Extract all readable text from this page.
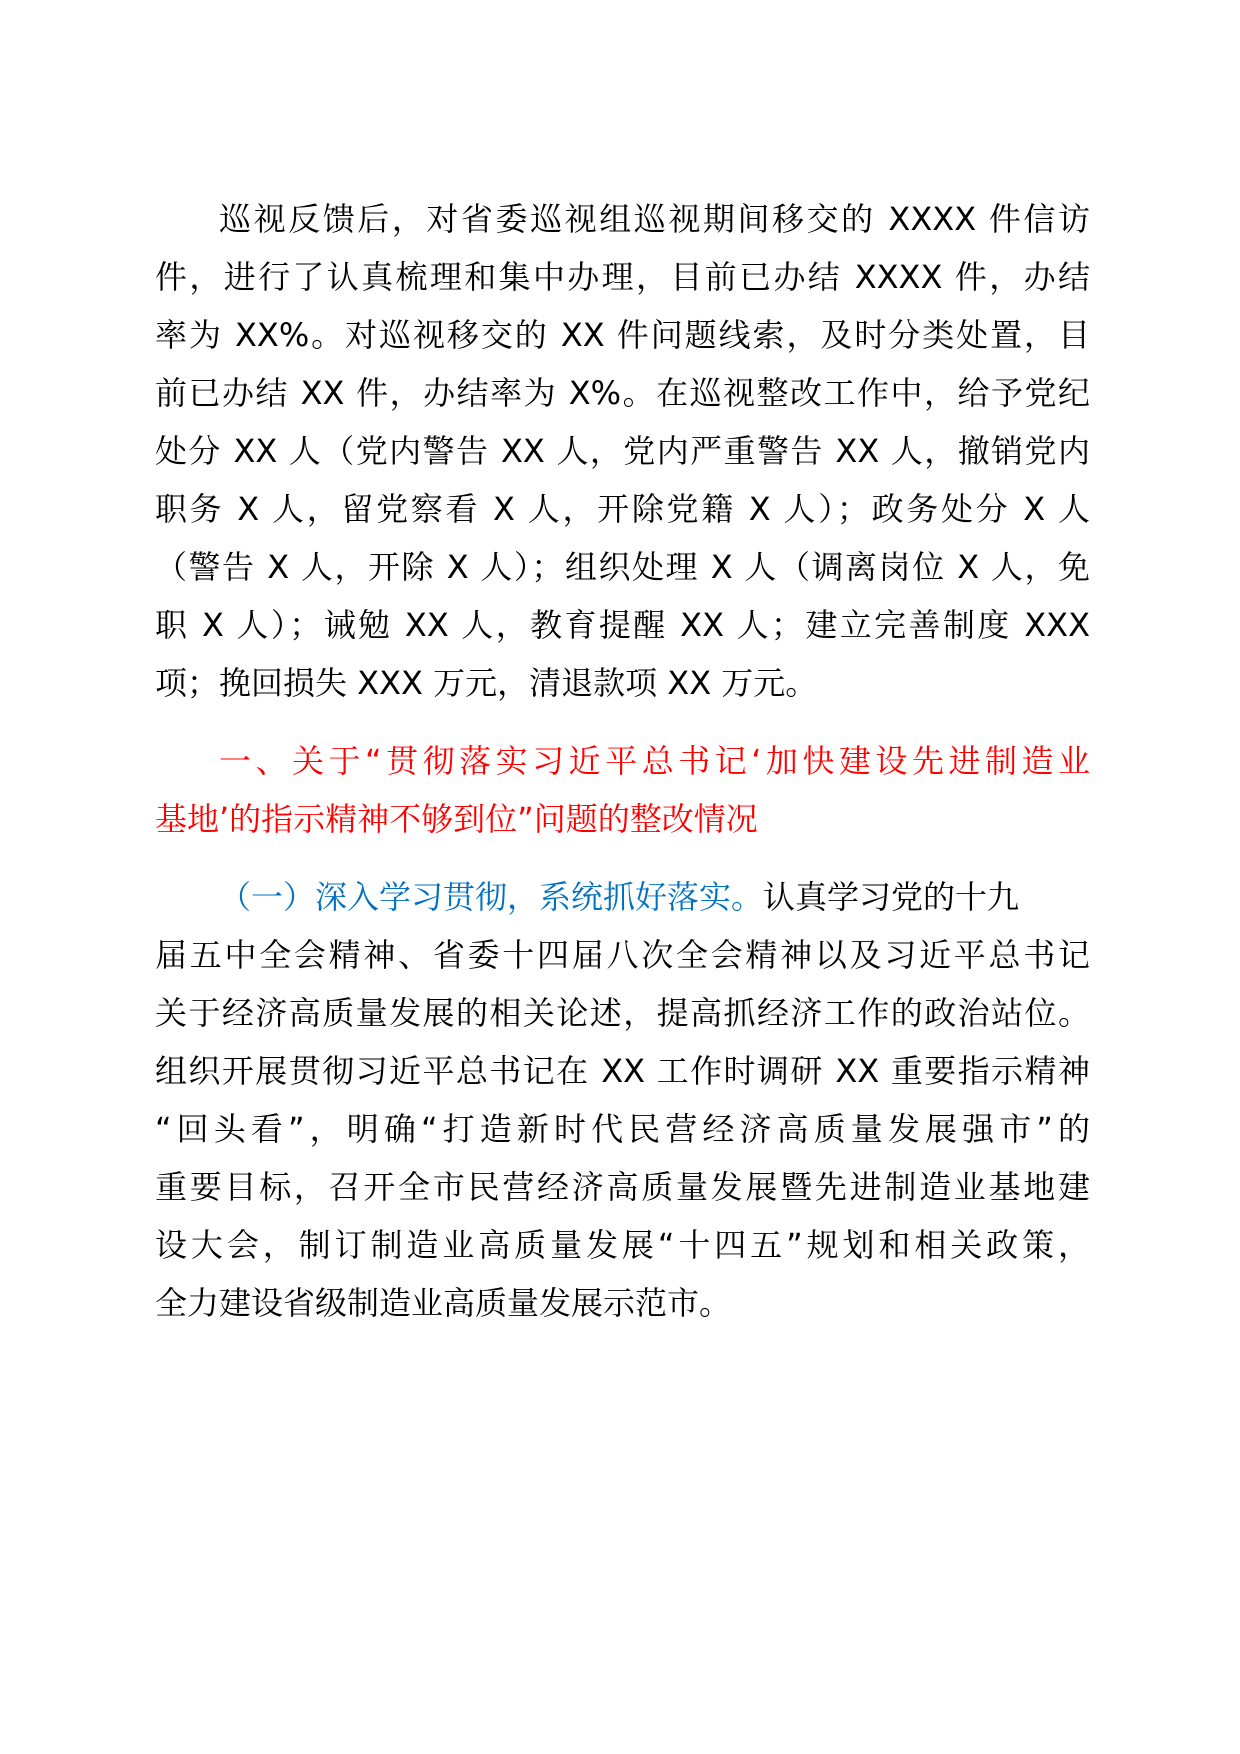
巡视反馈后，对省委巡视组巡视期间移交的 XXXX 件信访
件，进行了认真梳理和集中办理，目前已办结 XXXX 件，办结
率为 XX%。对巡视移交的 XX 件问题线索，及时分类处置，目
前已办结 XX 件，办结率为 X%。在巡视整改工作中，给予党纪
处分 XX 人（党内警告 XX 人，党内严重警告 XX 人，撤销党内
职务 X 人，留党察看 X 人，开除党籍 X 人）；政务处分 X 人
（警告 X 人，开除 X 人）；组织处理 X 人（调离岗位 X 人，免
职 X 人）；诫勉 XX 人，教育提醒 XX 人；建立完善制度 XXX
项；挽回损失 XXX 万元，清退款项 XX 万元。
一、关于“贯彻落实习近平总书记‘加快建设先进制造业
基地’的指示精神不够到位”问题的整改情况
（一）深入学习贯彻，系统抓好落实。认真学习党的十九
届五中全会精神、省委十四届八次全会精神以及习近平总书记
关于经济高质量发展的相关论述，提高抓经济工作的政治站位。
组织开展贯彻习近平总书记在 XX 工作时调研 XX 重要指示精神
“回头看”，明确“打造新时代民营经济高质量发展强市”的
重要目标，召开全市民营经济高质量发展暨先进制造业基地建
设大会，制订制造业高质量发展“十四五”规划和相关政策，
全力建设省级制造业高质量发展示范市。
